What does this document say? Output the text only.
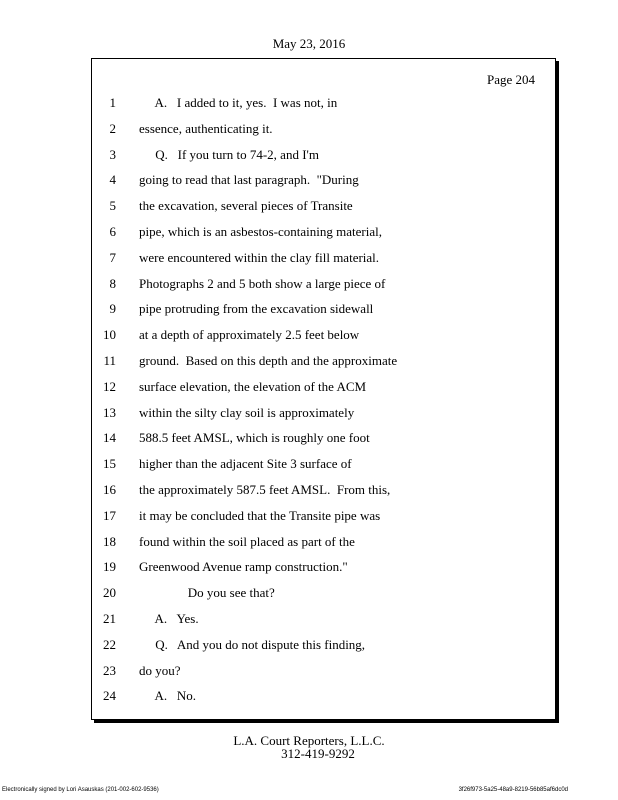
May 23, 2016
Page 204
1 A.   I added to it, yes.  I was not, in
2 essence, authenticating it.
3 Q.   If you turn to 74-2, and I'm
4 going to read that last paragraph.  "During
5 the excavation, several pieces of Transite
6 pipe, which is an asbestos-containing material,
7 were encountered within the clay fill material.
8 Photographs 2 and 5 both show a large piece of
9 pipe protruding from the excavation sidewall
10 at a depth of approximately 2.5 feet below
11 ground.  Based on this depth and the approximate
12 surface elevation, the elevation of the ACM
13 within the silty clay soil is approximately
14 588.5 feet AMSL, which is roughly one foot
15 higher than the adjacent Site 3 surface of
16 the approximately 587.5 feet AMSL.  From this,
17 it may be concluded that the Transite pipe was
18 found within the soil placed as part of the
19 Greenwood Avenue ramp construction."
20 Do you see that?
21 A.   Yes.
22 Q.   And you do not dispute this finding,
23 do you?
24 A.   No.
L.A. Court Reporters, L.L.C.
312-419-9292
Electronically signed by Lori Asauskas (201-002-602-9536)	3f26f973-5a25-48a9-8219-56b85af6dc0d
